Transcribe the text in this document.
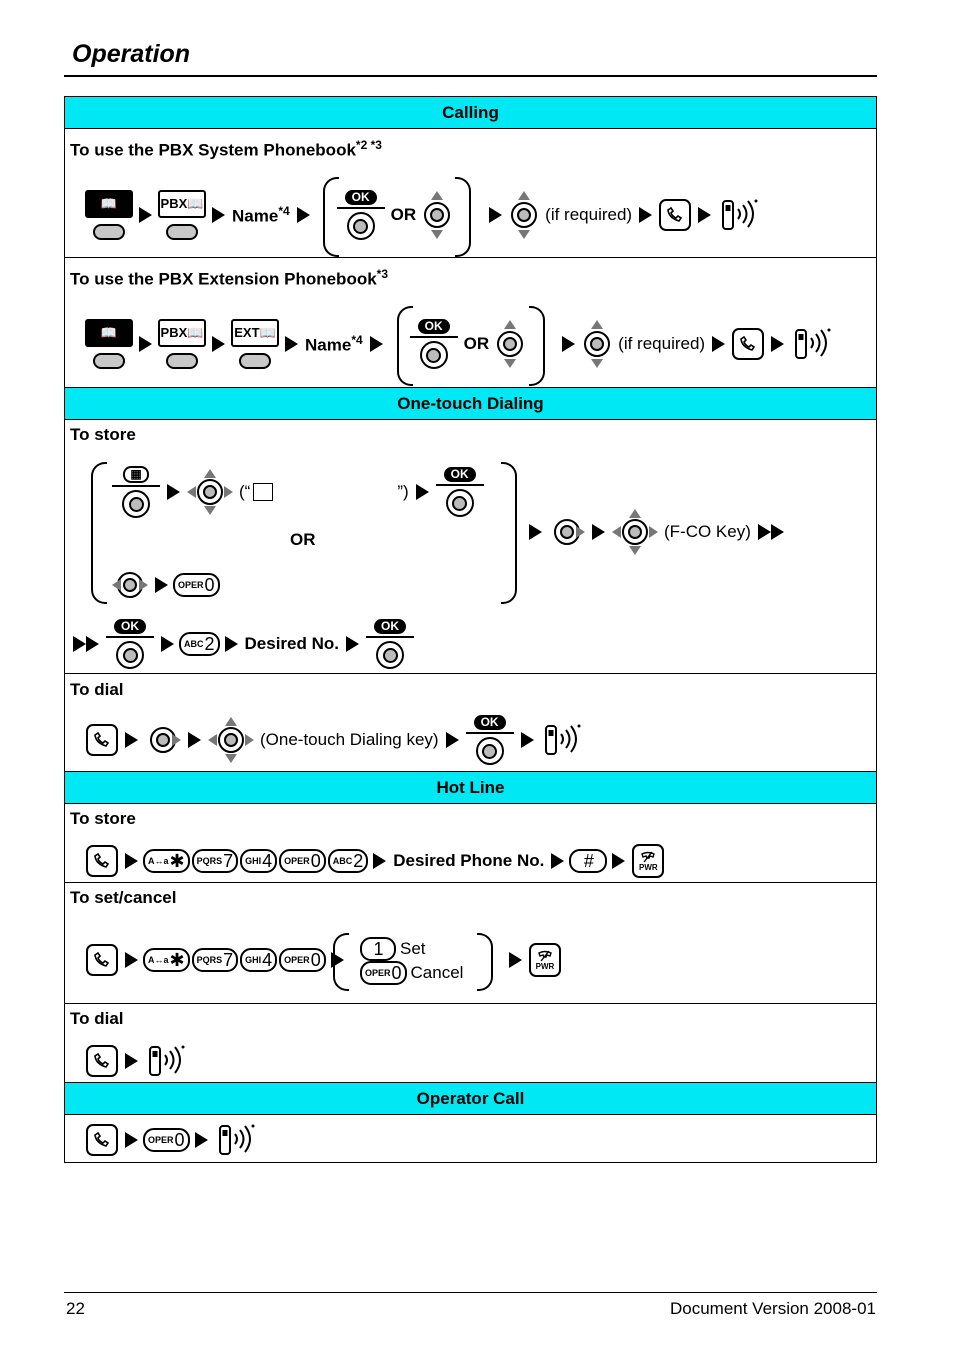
Operation
Calling
To use the PBX System Phonebook$^{*2 *3}$
📖	PBX📖
Name$^{*4}$
OK
OR	(if required)
To use the PBX Extension Phonebook$^{*3}$
📖	PBX📖 EXT📖
Name$^{*4}$
OK
OR	(if required)
One-touch Dialing
To store
▦
(“	”)
OK
OR
OPER 0
(F-CO Key)
OK
ABC 2 Desired No.
OK
To dial
(One-touch Dialing key)
OK
Hot Line
To store
A↔a ✱ PQRS 7 GHI 4 OPER 0 ABC 2 Desired Phone No. #	PWR
To set/cancel
A↔a ✱ PQRS 7 GHI 4 OPER 0
1 Set
OPER 0 Cancel	PWR
To dial
Operator Call
OPER 0
22	Document Version 2008-01
